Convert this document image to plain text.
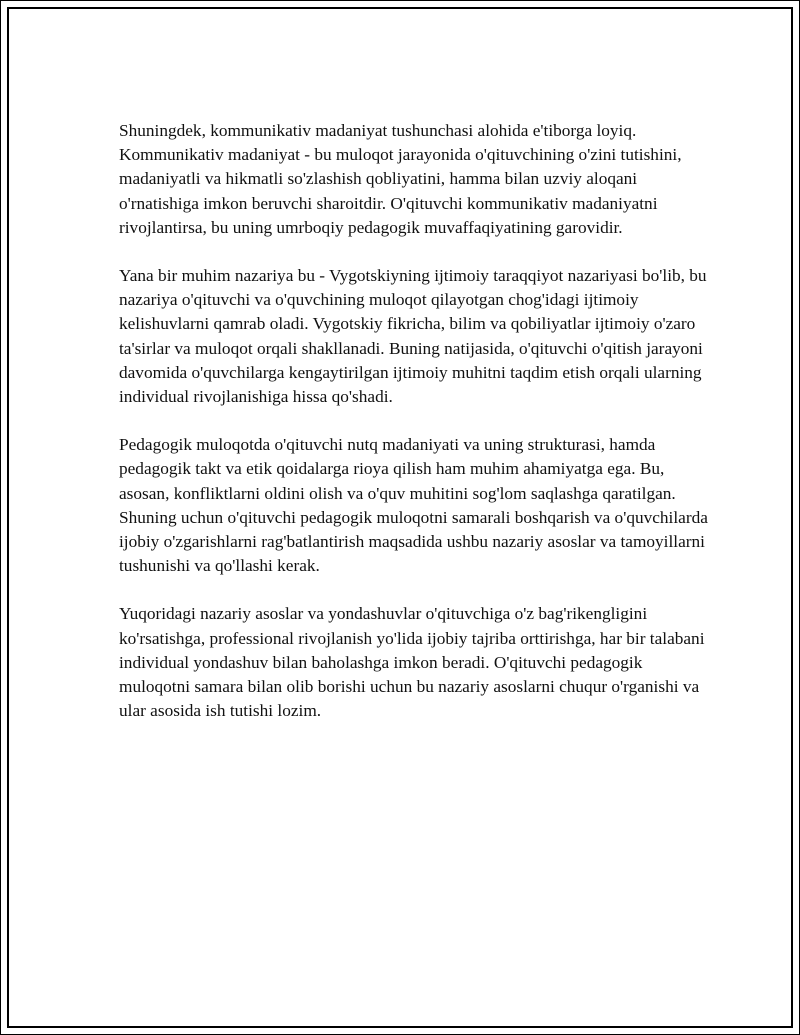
Shuningdek, kommunikativ madaniyat tushunchasi alohida e'tiborga loyiq. Kommunikativ madaniyat - bu muloqot jarayonida o'qituvchining o'zini tutishini, madaniyatli va hikmatli so'zlashish qobliyatini, hamma bilan uzviy aloqani o'rnatishiga imkon beruvchi sharoitdir. O'qituvchi kommunikativ madaniyatni rivojlantirsa, bu uning umrboqiy pedagogik muvaffaqiyatining garovidir.

Yana bir muhim nazariya bu - Vygotskiyning ijtimoiy taraqqiyot nazariyasi bo'lib, bu nazariya o'qituvchi va o'quvchining muloqot qilayotgan chog'idagi ijtimoiy kelishuvlarni qamrab oladi. Vygotskiy fikricha, bilim va qobiliyatlar ijtimoiy o'zaro ta'sirlar va muloqot orqali shakllanadi. Buning natijasida, o'qituvchi o'qitish jarayoni davomida o'quvchilarga kengaytirilgan ijtimoiy muhitni taqdim etish orqali ularning individual rivojlanishiga hissa qo'shadi.

Pedagogik muloqotda o'qituvchi nutq madaniyati va uning strukturasi, hamda pedagogik takt va etik qoidalarga rioya qilish ham muhim ahamiyatga ega. Bu, asosan, konfliktlarni oldini olish va o'quv muhitini sog'lom saqlashga qaratilgan. Shuning uchun o'qituvchi pedagogik muloqotni samarali boshqarish va o'quvchilarda ijobiy o'zgarishlarni rag'batlantirish maqsadida ushbu nazariy asoslar va tamoyillarni tushunishi va qo'llashi kerak.

Yuqoridagi nazariy asoslar va yondashuvlar o'qituvchiga o'z bag'rikengligini ko'rsatishga, professional rivojlanish yo'lida ijobiy tajriba orttirishga, har bir talabani individual yondashuv bilan baholashga imkon beradi. O'qituvchi pedagogik muloqotni samara bilan olib borishi uchun bu nazariy asoslarni chuqur o'rganishi va ular asosida ish tutishi lozim.
